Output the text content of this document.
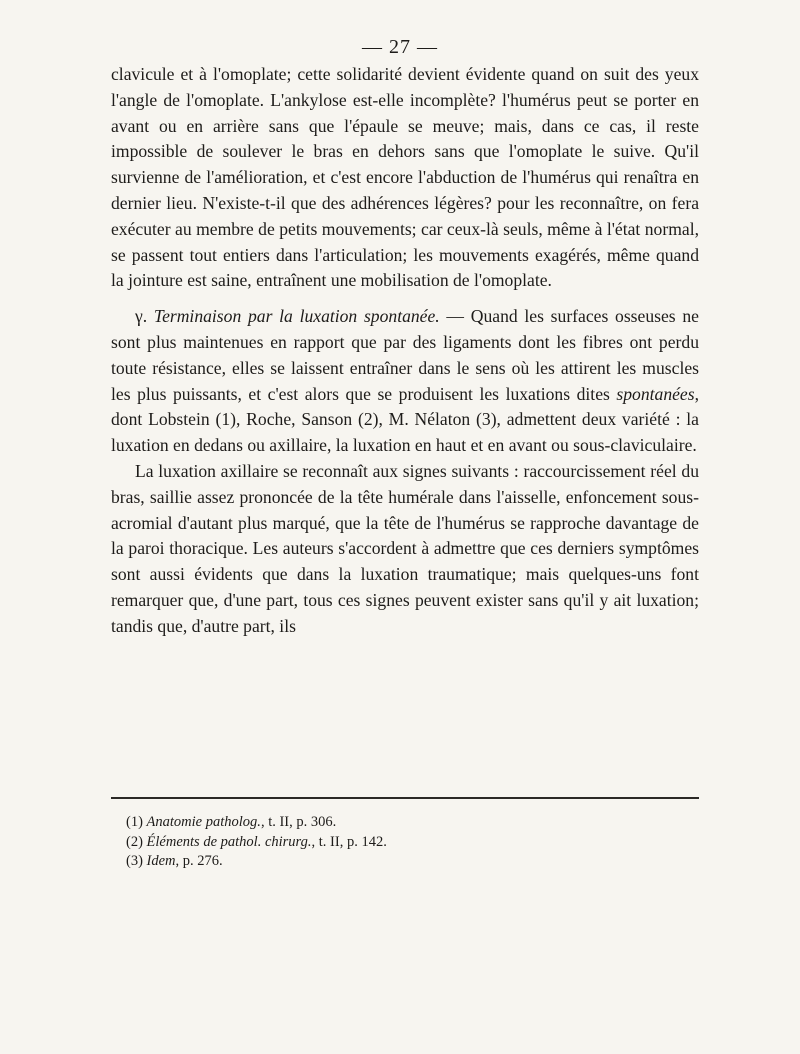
— 27 —

clavicule et à l'omoplate; cette solidarité devient évidente quand on suit des yeux l'angle de l'omoplate. L'ankylose est-elle incomplète? l'humérus peut se porter en avant ou en arrière sans que l'épaule se meuve; mais, dans ce cas, il reste impossible de soulever le bras en dehors sans que l'omoplate le suive. Qu'il survienne de l'amélioration, et c'est encore l'abduction de l'humérus qui renaîtra en dernier lieu. N'existe-t-il que des adhérences légères? pour les reconnaître, on fera exécuter au membre de petits mouvements; car ceux-là seuls, même à l'état normal, se passent tout entiers dans l'articulation; les mouvements exagérés, même quand la jointure est saine, entraînent une mobilisation de l'omoplate.

γ. Terminaison par la luxation spontanée. — Quand les surfaces osseuses ne sont plus maintenues en rapport que par des ligaments dont les fibres ont perdu toute résistance, elles se laissent entraîner dans le sens où les attirent les muscles les plus puissants, et c'est alors que se produisent les luxations dites spontanées, dont Lobstein (1), Roche, Sanson (2), M. Nélaton (3), admettent deux variété : la luxation en dedans ou axillaire, la luxation en haut et en avant ou sous-claviculaire.

La luxation axillaire se reconnaît aux signes suivants : raccourcissement réel du bras, saillie assez prononcée de la tête humérale dans l'aisselle, enfoncement sous-acromial d'autant plus marqué, que la tête de l'humérus se rapproche davantage de la paroi thoracique. Les auteurs s'accordent à admettre que ces derniers symptômes sont aussi évidents que dans la luxation traumatique; mais quelques-uns font remarquer que, d'une part, tous ces signes peuvent exister sans qu'il y ait luxation; tandis que, d'autre part, ils

(1) Anatomie patholog., t. II, p. 306.

(2) Éléments de pathol. chirurg., t. II, p. 142.

(3) Idem, p. 276.
